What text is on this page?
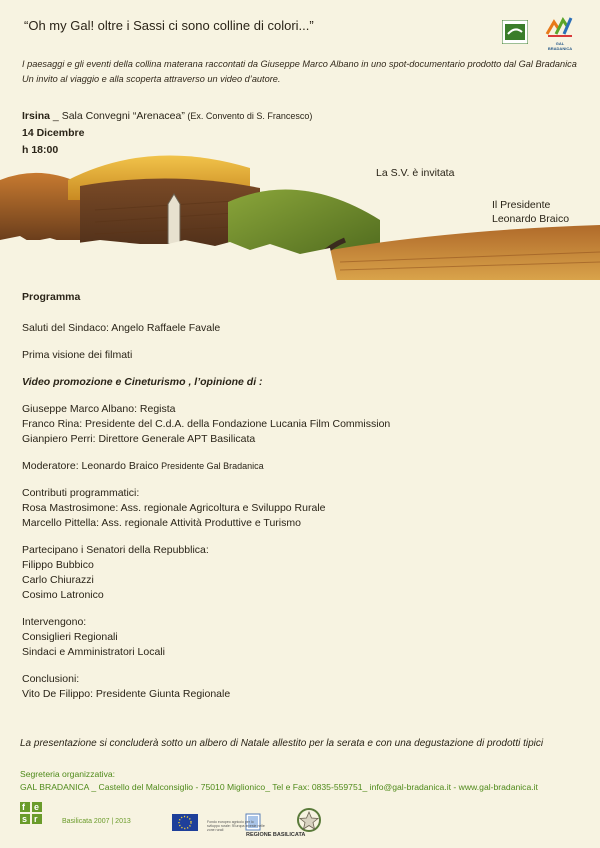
“Oh my Gal! oltre i Sassi ci sono colline di colori...”
GAL BRADANICA
I paesaggi e gli eventi della collina materana raccontati da Giuseppe Marco Albano in uno spot-documentario prodotto dal Gal Bradanica
Un invito al viaggio e alla scoperta attraverso un video d’autore.
Irsina _ Sala Convegni “Arenacea” (Ex. Convento di S. Francesco)
14 Dicembre
h 18:00
La S.V. è invitata
Il Presidente
Leonardo Braico

Programma

Saluti del Sindaco: Angelo Raffaele Favale

Prima visione dei filmati

Video promozione e Cineturismo , l’opinione di :

Giuseppe Marco Albano: Regista

Franco Rina: Presidente del C.d.A. della Fondazione Lucania Film Commission

Gianpiero Perri: Direttore Generale APT Basilicata

Moderatore: Leonardo Braico Presidente Gal Bradanica

Contributi programmatici:

Rosa Mastrosimone: Ass. regionale Agricoltura e Sviluppo Rurale

Marcello Pittella: Ass. regionale Attività Produttive e Turismo

Partecipano i Senatori della Repubblica:

Filippo Bubbico

Carlo Chiurazzi

Cosimo Latronico

Intervengono:

Consiglieri Regionali

Sindaci e Amministratori Locali

Conclusioni:

Vito De Filippo: Presidente Giunta Regionale

La presentazione si concluderà sotto un albero di Natale allestito per la serata e con una degustazione di prodotti tipici
Segreteria organizzativa:
GAL BRADANICA _ Castello del Malconsiglio - 75010 Miglionico_ Tel e Fax: 0835-559751_ info@gal-bradanica.it - www.gal-bradanica.it
f e
s r	Basilicata 2007 | 2013	Fondo europeo agricolo per lo sviluppo rurale: l'Europa investe nelle zone rurali
REGIONE BASILICATA
